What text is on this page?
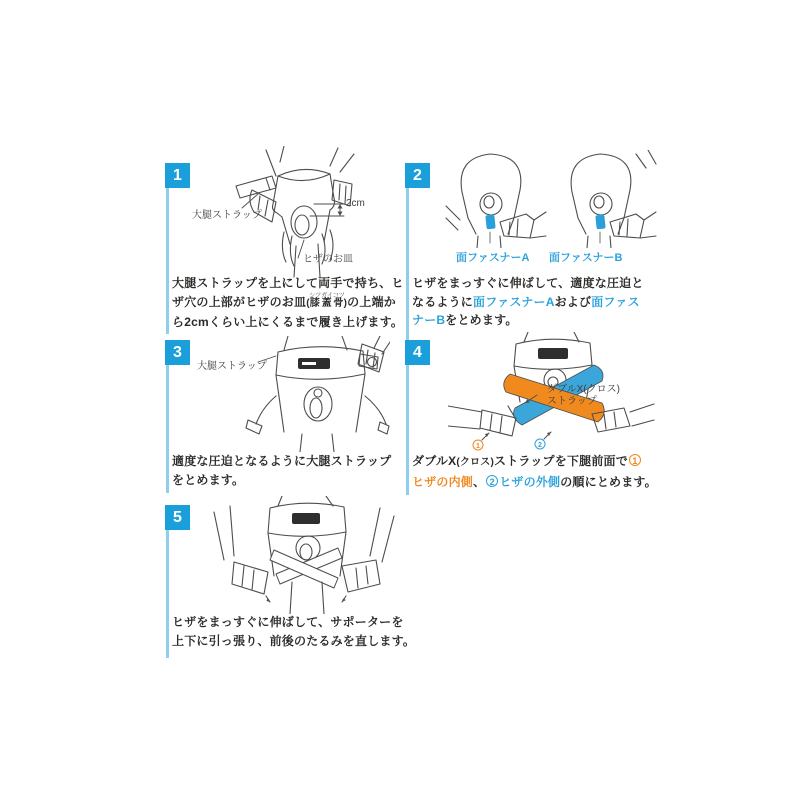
1
大腿ストラップ
2cm
ヒザのお皿
大腿ストラップを上にして両手で持ち、ヒ
ザ穴の上部がヒザのお皿(膝蓋骨シツガイコツ)の上端か
ら2cmくらい上にくるまで履き上げます。
2
面ファスナーA 面ファスナーB
ヒザをまっすぐに伸ばして、適度な圧迫と
なるように面ファスナーAおよび面ファス
ナーBをとめます。
3
大腿ストラップ
適度な圧迫となるように大腿ストラップ
をとめます。
4
1	2
ダブルX(クロス)
ストラップ
ダブルX(クロス)ストラップを下腿前面で 1
ヒザの内側、 2 ヒザの外側の順にとめます。
5
ヒザをまっすぐに伸ばして、サポーターを
上下に引っ張り、前後のたるみを直します。
